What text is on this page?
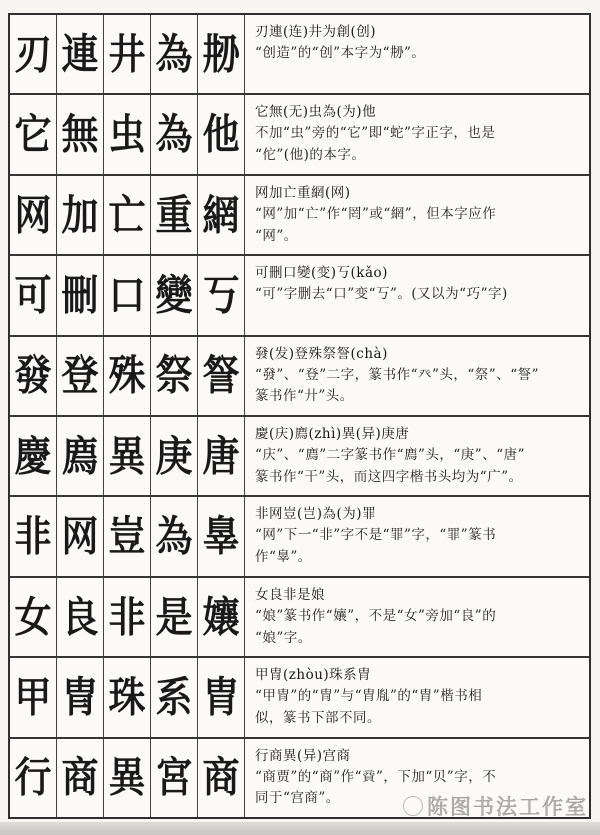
刃 連 井 為 刱 刃連(连)井为創(创)
“创造”的“创”本字为“刱”。
它 無 虫 為 他 它無(无)虫為(为)他
不加“虫”旁的“它”即“蛇”字正字，也是
“佗”(他)的本字。
网 加 亡 重 網 网加亡重網(网)
“网”加“亡”作“罔”或“網”，但本字应作
“网”。
可 刪 口 變 丂 可刪口變(变)丂(kǎo)
“可”字删去“口”变“丂”。(又以为“巧”字)
發 登 殊 祭 詧 發(发)登殊祭詧(chà)
“發”、“登”二字，篆书作“癶”头，“祭”、“詧”
篆书作“廾”头。
慶 廌 異 庚 唐 慶(庆)廌(zhì)異(异)庚唐
“庆”、“廌”二字篆书作“廌”头，“庚”、“唐”
篆书作“干”头，而这四字楷书头均为“广”。
非 网 豈 為 辠 非网豈(岂)為(为)罪
“网”下一“非”字不是“罪”字，“罪”篆书
作“辠”。
女 良 非 是 孃 女良非是娘
“娘”篆书作“孃”，不是“女”旁加“良”的
“娘”字。
甲 冑 珠 系 胄 甲冑(zhòu)珠系胄
“甲冑”的“冑”与“胄胤”的“胄”楷书相
似，篆书下部不同。
行 商 異 宮 商 行商異(异)宫商
“商贾”的“商”作“𧶜”，下加“贝”字，不
同于“宫商”。	陈图书法工作室
